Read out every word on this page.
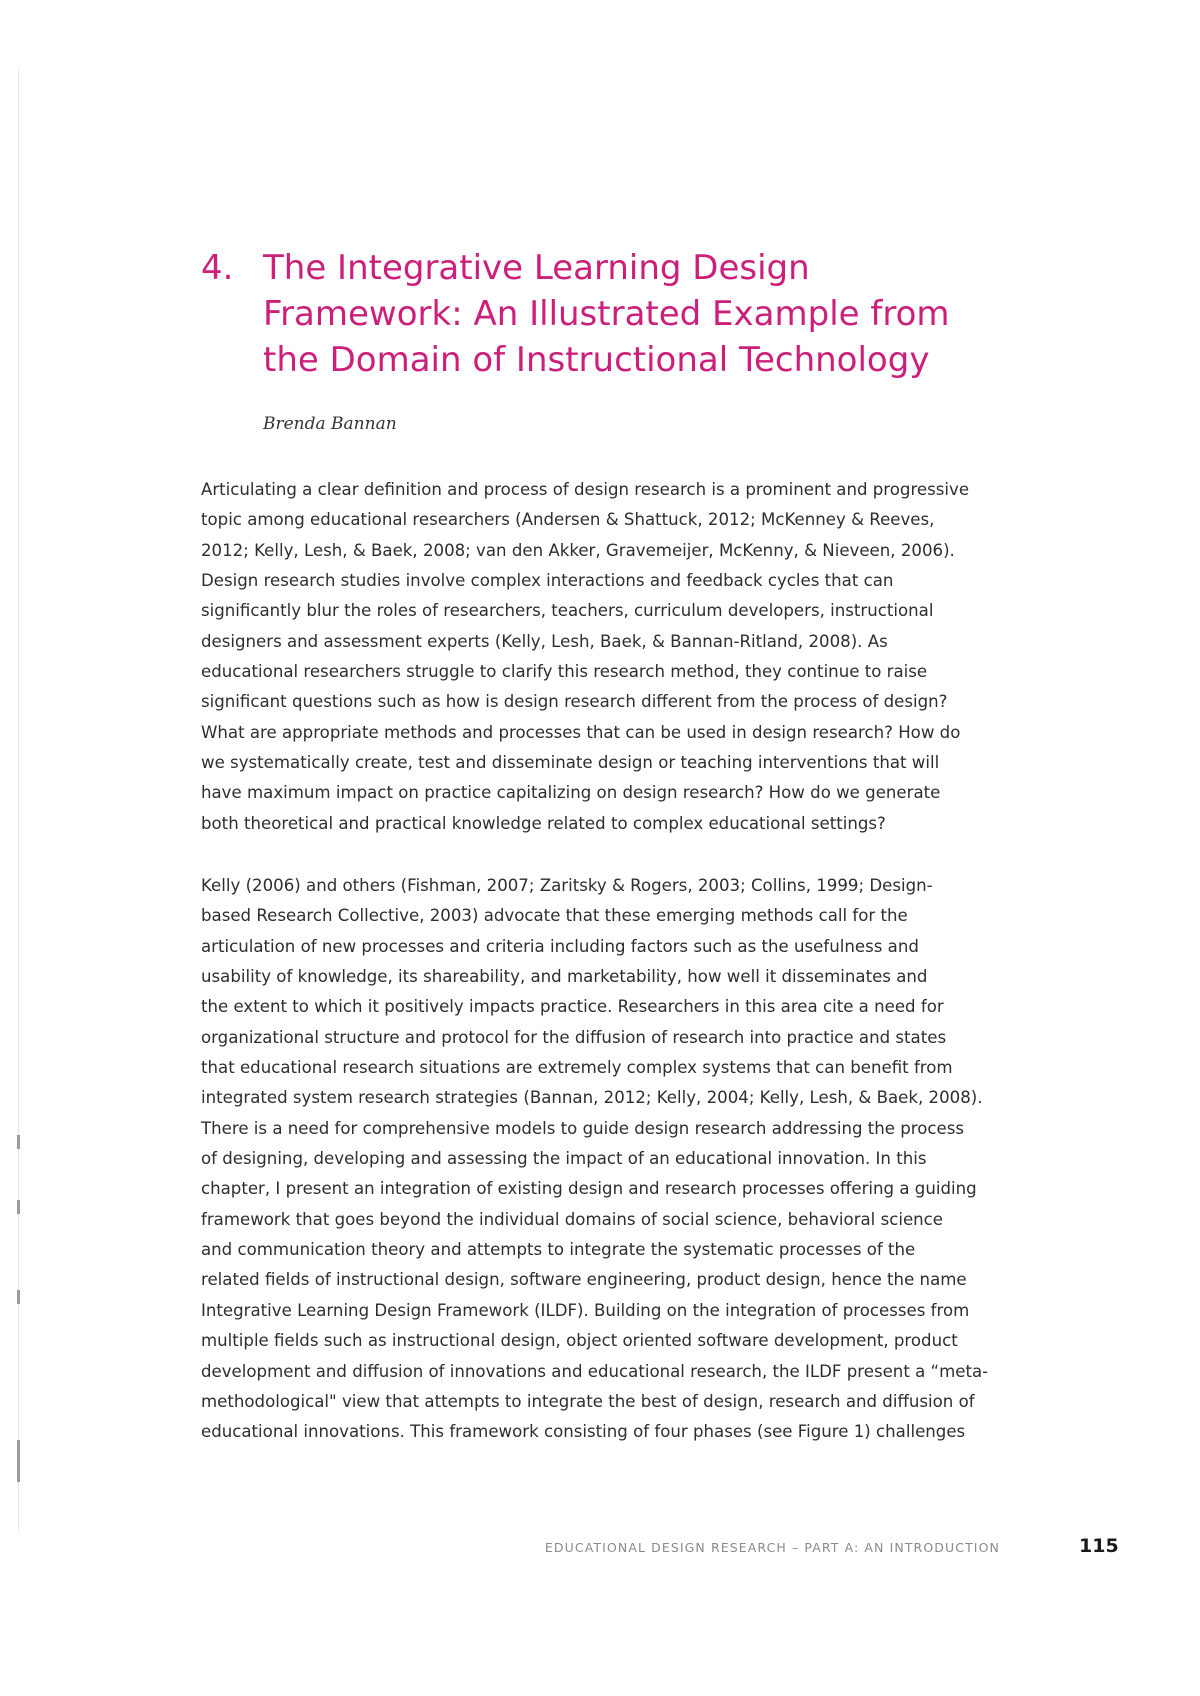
4. The Integrative Learning Design
Framework: An Illustrated Example from
the Domain of Instructional Technology
Brenda Bannan
Articulating a clear definition and process of design research is a prominent and progressive
topic among educational researchers (Andersen & Shattuck, 2012; McKenney & Reeves,
2012; Kelly, Lesh, & Baek, 2008; van den Akker, Gravemeijer, McKenny, & Nieveen, 2006).
Design research studies involve complex interactions and feedback cycles that can
significantly blur the roles of researchers, teachers, curriculum developers, instructional
designers and assessment experts (Kelly, Lesh, Baek, & Bannan-Ritland, 2008). As
educational researchers struggle to clarify this research method, they continue to raise
significant questions such as how is design research different from the process of design?
What are appropriate methods and processes that can be used in design research? How do
we systematically create, test and disseminate design or teaching interventions that will
have maximum impact on practice capitalizing on design research? How do we generate
both theoretical and practical knowledge related to complex educational settings?
Kelly (2006) and others (Fishman, 2007; Zaritsky & Rogers, 2003; Collins, 1999; Design-
based Research Collective, 2003) advocate that these emerging methods call for the
articulation of new processes and criteria including factors such as the usefulness and
usability of knowledge, its shareability, and marketability, how well it disseminates and
the extent to which it positively impacts practice. Researchers in this area cite a need for
organizational structure and protocol for the diffusion of research into practice and states
that educational research situations are extremely complex systems that can benefit from
integrated system research strategies (Bannan, 2012; Kelly, 2004; Kelly, Lesh, & Baek, 2008).
There is a need for comprehensive models to guide design research addressing the process
of designing, developing and assessing the impact of an educational innovation. In this
chapter, I present an integration of existing design and research processes offering a guiding
framework that goes beyond the individual domains of social science, behavioral science
and communication theory and attempts to integrate the systematic processes of the
related fields of instructional design, software engineering, product design, hence the name
Integrative Learning Design Framework (ILDF). Building on the integration of processes from
multiple fields such as instructional design, object oriented software development, product
development and diffusion of innovations and educational research, the ILDF present a “meta-
methodological" view that attempts to integrate the best of design, research and diffusion of
educational innovations. This framework consisting of four phases (see Figure 1) challenges
EDUCATIONAL DESIGN RESEARCH – PART A: AN INTRODUCTION	115
